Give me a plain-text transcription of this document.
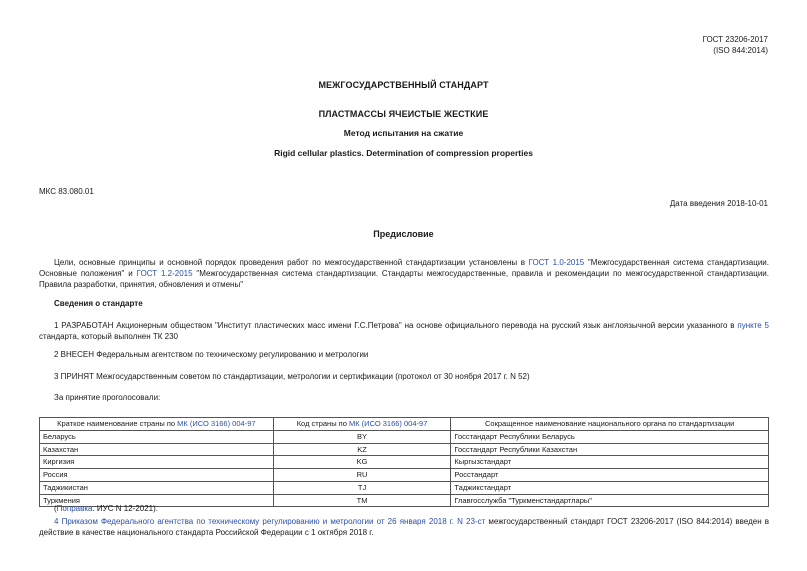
ГОСТ 23206-2017
(ISO 844:2014)
МЕЖГОСУДАРСТВЕННЫЙ СТАНДАРТ
ПЛАСТМАССЫ ЯЧЕИСТЫЕ ЖЕСТКИЕ
Метод испытания на сжатие
Rigid cellular plastics. Determination of compression properties
МКС 83.080.01
Дата введения 2018-10-01
Предисловие
Цели, основные принципы и основной порядок проведения работ по межгосударственной стандартизации установлены в ГОСТ 1.0-2015 "Межгосударственная система стандартизации. Основные положения" и ГОСТ 1.2-2015 "Межгосударственная система стандартизации. Стандарты межгосударственные, правила и рекомендации по межгосударственной стандартизации. Правила разработки, принятия, обновления и отмены"
Сведения о стандарте
1 РАЗРАБОТАН Акционерным обществом "Институт пластических масс имени Г.С.Петрова" на основе официального перевода на русский язык англоязычной версии указанного в пункте 5 стандарта, который выполнен ТК 230
2 ВНЕСЕН Федеральным агентством по техническому регулированию и метрологии
3 ПРИНЯТ Межгосударственным советом по стандартизации, метрологии и сертификации (протокол от 30 ноября 2017 г. N 52)
За принятие проголосовали:
Краткое наименование страны по МК (ИСО 3166) 004-97	Код страны по МК (ИСО 3166) 004-97	Сокращенное наименование национального органа по стандартизации
Беларусь	BY	Госстандарт Республики Беларусь
Казахстан	KZ	Госстандарт Республики Казахстан
Киргизия	KG	Кыргызстандарт
Россия	RU	Росстандарт
Таджикистан	TJ	Таджикстандарт
Туркмения	TM	Главгосслужба "Туркменстандартлары"
(Поправка. ИУС N 12-2021).
4 Приказом Федерального агентства по техническому регулированию и метрологии от 26 января 2018 г. N 23-ст межгосударственный стандарт ГОСТ 23206-2017 (ISO 844:2014) введен в действие в качестве национального стандарта Российской Федерации с 1 октября 2018 г.
